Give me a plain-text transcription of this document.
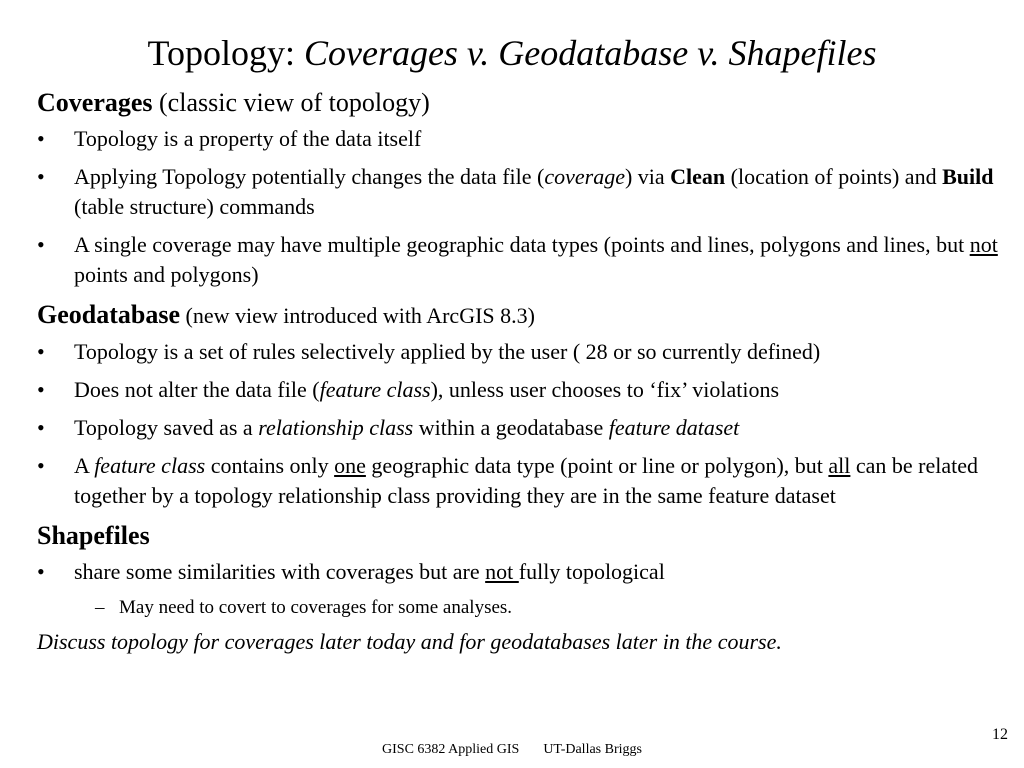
Topology: Coverages v. Geodatabase v. Shapefiles
Coverages (classic view of topology)
• Topology is a property of the data itself
• Applying Topology potentially changes the data file (coverage) via Clean (location of points) and Build (table structure) commands
• A single coverage may have multiple geographic data types (points and lines, polygons and lines, but not points and polygons)
Geodatabase (new view introduced with ArcGIS 8.3)
• Topology is a set of rules selectively applied by the user ( 28 or so currently defined)
• Does not alter the data file (feature class), unless user chooses to ‘fix’ violations
• Topology saved as a relationship class within a geodatabase feature dataset
• A feature class contains only one geographic data type (point or line or polygon), but all can be related together by a topology relationship class providing they are in the same feature dataset
Shapefiles
• share some similarities with coverages but are not fully topological
– May need to covert to coverages for some analyses.
Discuss topology for coverages later today and for geodatabases later in the course.
12
GISC 6382 Applied GIS UT-Dallas Briggs
